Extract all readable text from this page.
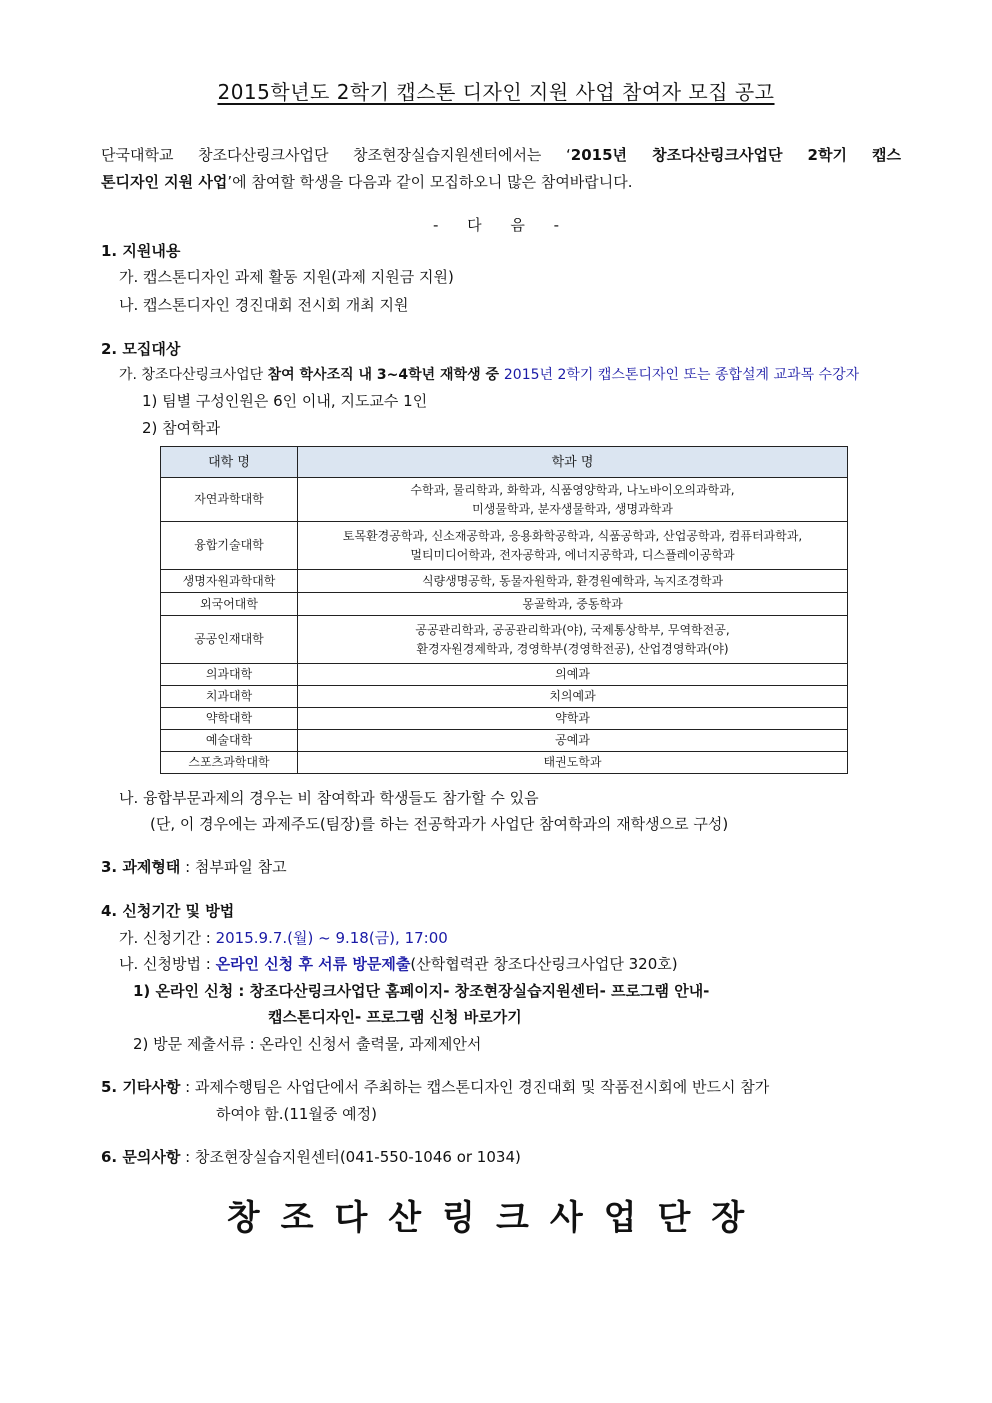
2015학년도 2학기 캡스톤 디자인 지원 사업 참여자 모집 공고
단국대학교 창조다산링크사업단 창조현장실습지원센터에서는 ‘2015년 창조다산링크사업단 2학기 캡스
톤디자인 지원 사업’에 참여할 학생을 다음과 같이 모집하오니 많은 참여바랍니다.
- 다 음 -
1. 지원내용
가. 캡스톤디자인 과제 활동 지원(과제 지원금 지원)
나. 캡스톤디자인 경진대회 전시회 개최 지원
2. 모집대상
가. 창조다산링크사업단 참여 학사조직 내 3~4학년 재학생 중 2015년 2학기 캡스톤디자인 또는 종합설계 교과목 수강자
1) 팀별 구성인원은 6인 이내, 지도교수 1인
2) 참여학과
대학 명	학과 명
자연과학대학	수학과, 물리학과, 화학과, 식품영양학과, 나노바이오의과학과,
미생물학과, 분자생물학과, 생명과학과

융합기술대학	토목환경공학과, 신소재공학과, 응용화학공학과, 식품공학과, 산업공학과, 컴퓨터과학과,
멀티미디어학과, 전자공학과, 에너지공학과, 디스플레이공학과

생명자원과학대학	식량생명공학, 동물자원학과, 환경원예학과, 녹지조경학과
외국어대학	몽골학과, 중동학과
공공인재대학	공공관리학과, 공공관리학과(야), 국제통상학부, 무역학전공,
환경자원경제학과, 경영학부(경영학전공), 산업경영학과(야)

의과대학	의예과
치과대학	치의예과
약학대학	약학과
예술대학	공예과
스포츠과학대학	태권도학과
나. 융합부문과제의 경우는 비 참여학과 학생들도 참가할 수 있음
(단, 이 경우에는 과제주도(팀장)를 하는 전공학과가 사업단 참여학과의 재학생으로 구성)
3. 과제형태 : 첨부파일 참고
4. 신청기간 및 방법
가. 신청기간 : 2015.9.7.(월) ~ 9.18(금), 17:00
나. 신청방법 : 온라인 신청 후 서류 방문제출(산학협력관 창조다산링크사업단 320호)
1) 온라인 신청 : 창조다산링크사업단 홈페이지- 창조현장실습지원센터- 프로그램 안내-
캡스톤디자인- 프로그램 신청 바로가기
2) 방문 제출서류 : 온라인 신청서 출력물, 과제제안서
5. 기타사항 : 과제수행팀은 사업단에서 주최하는 캡스톤디자인 경진대회 및 작품전시회에 반드시 참가
하여야 함.(11월중 예정)
6. 문의사항 : 창조현장실습지원센터(041-550-1046 or 1034)
창조다산링크사업단장
